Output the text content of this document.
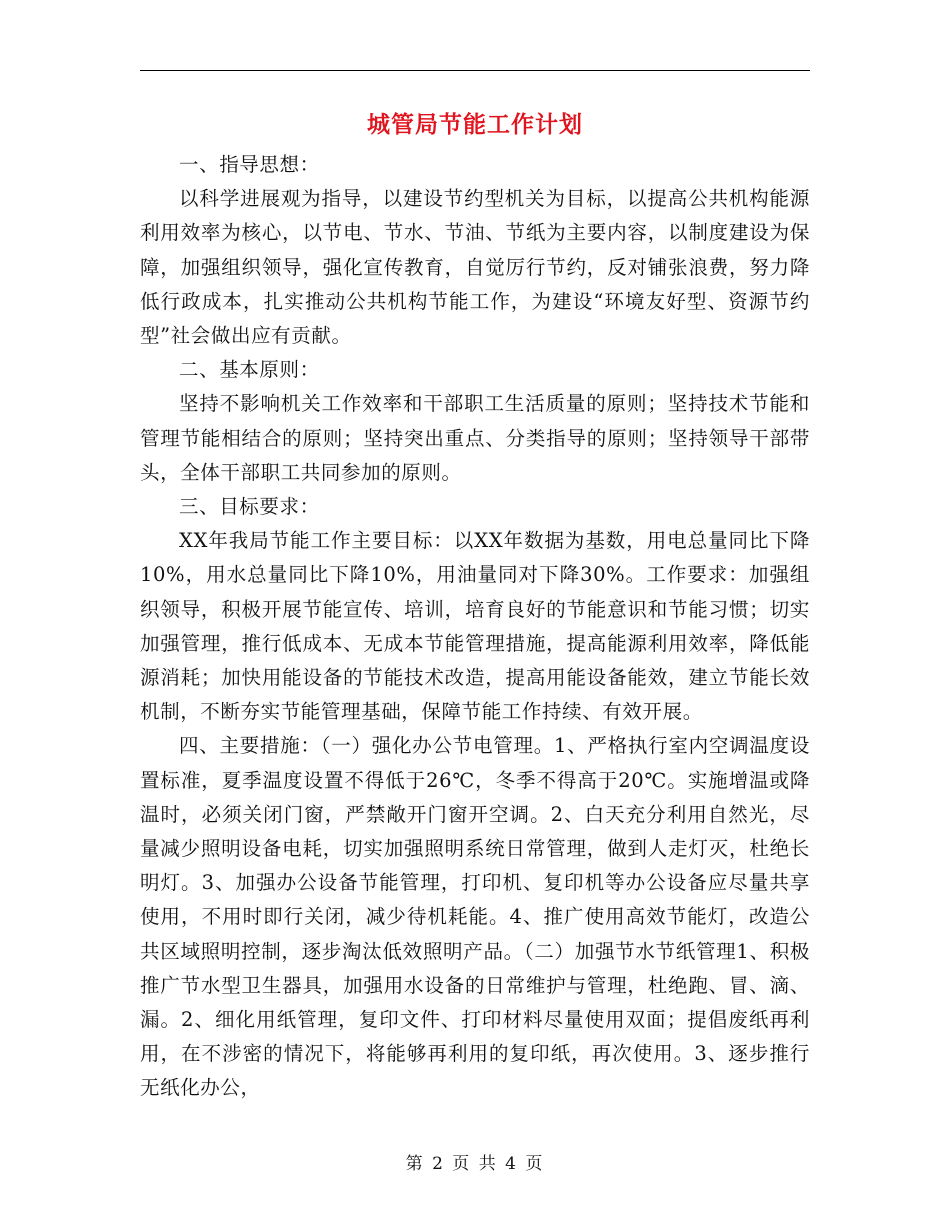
城管局节能工作计划

一、指导思想：

以科学进展观为指导，以建设节约型机关为目标，以提高公共机构能源利用效率为核心，以节电、节水、节油、节纸为主要内容，以制度建设为保障，加强组织领导，强化宣传教育，自觉厉行节约，反对铺张浪费，努力降低行政成本，扎实推动公共机构节能工作，为建设“环境友好型、资源节约型”社会做出应有贡献。

二、基本原则：

坚持不影响机关工作效率和干部职工生活质量的原则；坚持技术节能和管理节能相结合的原则；坚持突出重点、分类指导的原则；坚持领导干部带头，全体干部职工共同参加的原则。

三、目标要求：

XX年我局节能工作主要目标：以XX年数据为基数，用电总量同比下降10%，用水总量同比下降10%，用油量同对下降30%。工作要求：加强组织领导，积极开展节能宣传、培训，培育良好的节能意识和节能习惯；切实加强管理，推行低成本、无成本节能管理措施，提高能源利用效率，降低能源消耗；加快用能设备的节能技术改造，提高用能设备能效，建立节能长效机制，不断夯实节能管理基础，保障节能工作持续、有效开展。

四、主要措施：（一）强化办公节电管理。1、严格执行室内空调温度设置标准，夏季温度设置不得低于26℃，冬季不得高于20℃。实施增温或降温时，必须关闭门窗，严禁敞开门窗开空调。2、白天充分利用自然光，尽量减少照明设备电耗，切实加强照明系统日常管理，做到人走灯灭，杜绝长明灯。3、加强办公设备节能管理，打印机、复印机等办公设备应尽量共享使用，不用时即行关闭，减少待机耗能。4、推广使用高效节能灯，改造公共区域照明控制，逐步淘汰低效照明产品。（二）加强节水节纸管理1、积极推广节水型卫生器具，加强用水设备的日常维护与管理，杜绝跑、冒、滴、漏。2、细化用纸管理，复印文件、打印材料尽量使用双面；提倡废纸再利用，在不涉密的情况下，将能够再利用的复印纸，再次使用。3、逐步推行无纸化办公，

第 2 页 共 4 页
